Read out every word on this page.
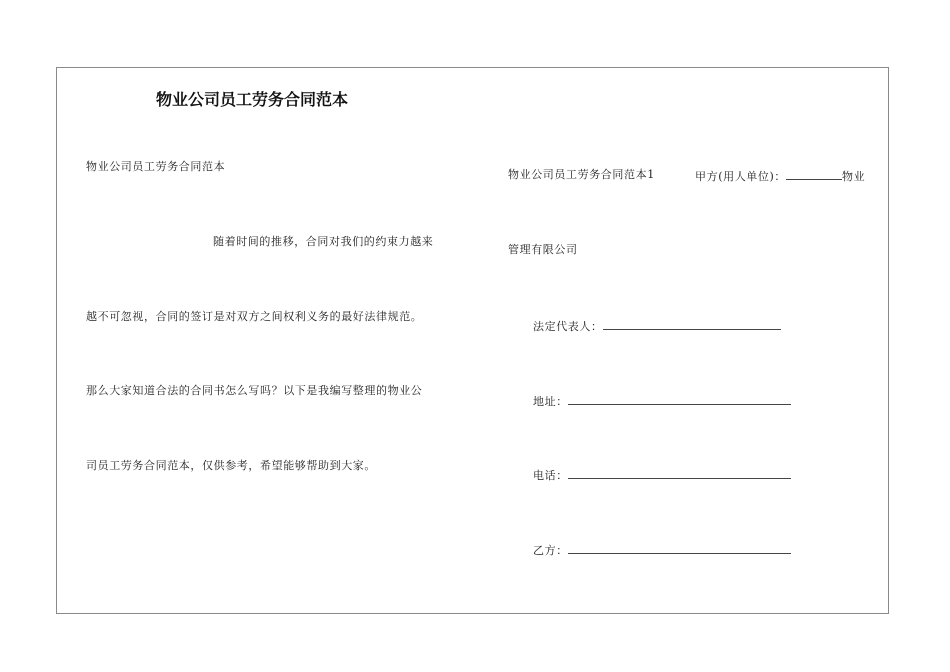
物业公司员工劳务合同范本
物业公司员工劳务合同范本
随着时间的推移，合同对我们的约束力越来
越不可忽视，合同的签订是对双方之间权利义务的最好法律规范。
那么大家知道合法的合同书怎么写吗？以下是我编写整理的物业公
司员工劳务合同范本，仅供参考，希望能够帮助到大家。
物业公司员工劳务合同范本1	甲方(用人单位)：	物业
管理有限公司
法定代表人：
地址：
电话：
乙方：
